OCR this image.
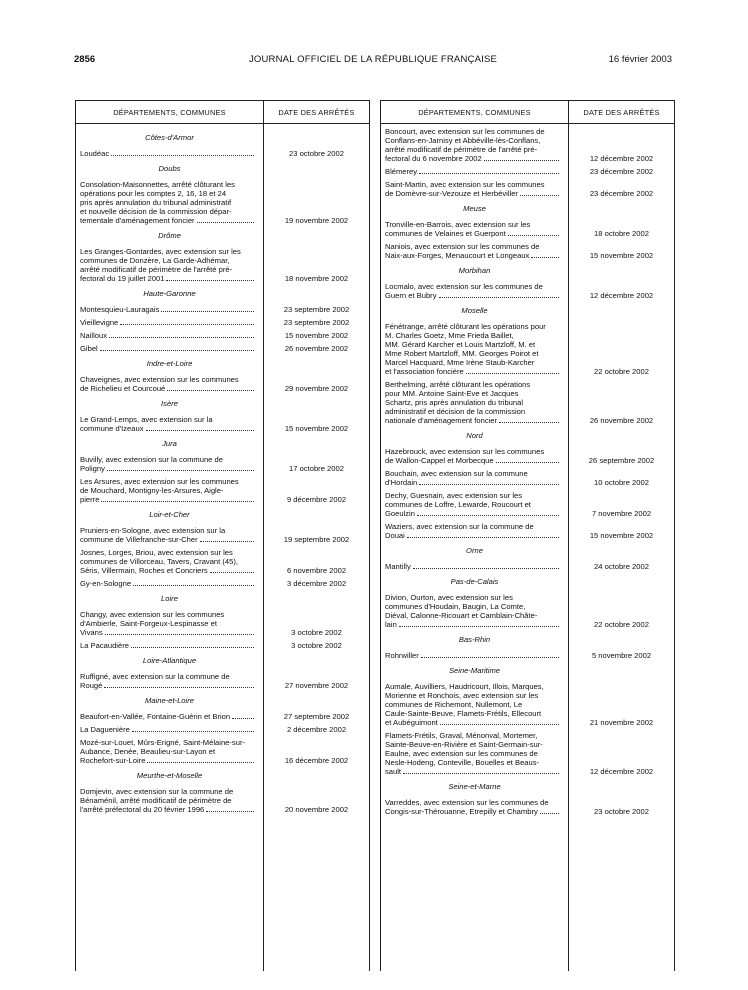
2856	JOURNAL OFFICIEL DE LA RÉPUBLIQUE FRANÇAISE	16 février 2003
DÉPARTEMENTS, COMMUNES	DATE DES ARRÊTÉS
Côtes-d'Armor
Loudéac	23 octobre 2002
Doubs
Consolation-Maisonnettes, arrêté clôturant les
opérations pour les comptes 2, 16, 18 et 24
pris après annulation du tribunal administratif
et nouvelle décision de la commission dépar-
tementale d'aménagement foncier	19 novembre 2002
Drôme
Les Granges-Gontardes, avec extension sur les
communes de Donzère, La Garde-Adhémar,
arrêté modificatif de périmètre de l'arrêté pré-
fectoral du 19 juillet 2001	18 novembre 2002
Haute-Garonne
Montesquieu-Lauragais	23 septembre 2002
Vieillevigne	23 septembre 2002
Nailloux	15 novembre 2002
Gibel	26 novembre 2002
Indre-et-Loire
Chaveignes, avec extension sur les communes
de Richelieu et Courcoué	29 novembre 2002
Isère
Le Grand-Lemps, avec extension sur la
commune d'Izeaux	15 novembre 2002
Jura
Buvilly, avec extension sur la commune de
Poligny	17 octobre 2002
Les Arsures, avec extension sur les communes
de Mouchard, Montigny-les-Arsures, Aigle-
pierre	9 décembre 2002
Loir-et-Cher
Pruniers-en-Sologne, avec extension sur la
commune de Villefranche-sur-Cher	19 septembre 2002
Josnes, Lorges, Briou, avec extension sur les
communes de Villorceau, Tavers, Cravant (45),
Séris, Villermain, Roches et Concriers	6 novembre 2002
Gy-en-Sologne	3 décembre 2002
Loire
Changy, avec extension sur les communes
d'Ambierle, Saint-Forgeux-Lespinasse et
Vivans	3 octobre 2002
La Pacaudière	3 octobre 2002
Loire-Atlantique
Ruffigné, avec extension sur la commune de
Rougé	27 novembre 2002
Maine-et-Loire
Beaufort-en-Vallée, Fontaine-Guérin et Brion	27 septembre 2002
La Daguenière	2 décembre 2002
Mozé-sur-Louet, Mûrs-Erigné, Saint-Mélaine-sur-
Aubance, Denée, Beaulieu-sur-Layon et
Rochefort-sur-Loire	16 décembre 2002
Meurthe-et-Moselle
Domjevin, avec extension sur la commune de
Bénaménil, arrêté modificatif de périmètre de
l'arrêté préfectoral du 20 février 1996	20 novembre 2002
DÉPARTEMENTS, COMMUNES	DATE DES ARRÊTÉS
Boncourt, avec extension sur les communes de
Conflans-en-Jarnisy et Abbéville-lès-Conflans,
arrêté modificatif de périmètre de l'arrêté pré-
fectoral du 6 novembre 2002	12 décembre 2002
Blémerey	23 décembre 2002
Saint-Martin, avec extension sur les communes
de Domèvre-sur-Vezouze et Herbéviller	23 décembre 2002
Meuse
Tronville-en-Barrois, avec extension sur les
communes de Velaines et Guerpont	18 octobre 2002
Naniois, avec extension sur les communes de
Naix-aux-Forges, Menaucourt et Longeaux	15 novembre 2002
Morbihan
Locmalo, avec extension sur les communes de
Guern et Bubry	12 décembre 2002
Moselle
Fénétrange, arrêté clôturant les opérations pour
M. Charles Goetz, Mme Frieda Baillet,
MM. Gérard Karcher et Louis Martzloff, M. et
Mme Robert Martzloff, MM. Georges Poirot et
Marcel Hacquard, Mme Irène Staub-Karcher
et l'association foncière	22 octobre 2002
Berthelming, arrêté clôturant les opérations
pour MM. Antoine Saint-Eve et Jacques
Schartz, pris après annulation du tribunal
administratif et décision de la commission
nationale d'aménagement foncier	26 novembre 2002
Nord
Hazebrouck, avec extension sur les communes
de Wallon-Cappel et Morbecque	26 septembre 2002
Bouchain, avec extension sur la commune
d'Hordain	10 octobre 2002
Dechy, Guesnain, avec extension sur les
communes de Loffre, Lewarde, Roucourt et
Goeulzin	7 novembre 2002
Waziers, avec extension sur la commune de
Douai	15 novembre 2002
Orne
Mantilly	24 octobre 2002
Pas-de-Calais
Divion, Ourton, avec extension sur les
communes d'Houdain, Baugin, La Comte,
Diéval, Calonne-Ricouart et Camblain-Châte-
lain	22 octobre 2002
Bas-Rhin
Rohrwiller	5 novembre 2002
Seine-Maritime
Aumale, Auvilliers, Haudricourt, Illois, Marques,
Morienne et Ronchois, avec extension sur les
communes de Richemont, Nullemont, Le
Caule-Sainte-Beuve, Flamets-Frétils, Ellecourt
et Aubéguimont	21 novembre 2002
Flamets-Frétils, Graval, Ménonval, Mortemer,
Sainte-Beuve-en-Rivière et Saint-Germain-sur-
Eaulne, avec extension sur les communes de
Nesle-Hodeng, Conteville, Bouelles et Beaus-
sault	12 décembre 2002
Seine-et-Marne
Varreddes, avec extension sur les communes de
Congis-sur-Thérouanne, Etrepilly et Chambry	23 octobre 2002
